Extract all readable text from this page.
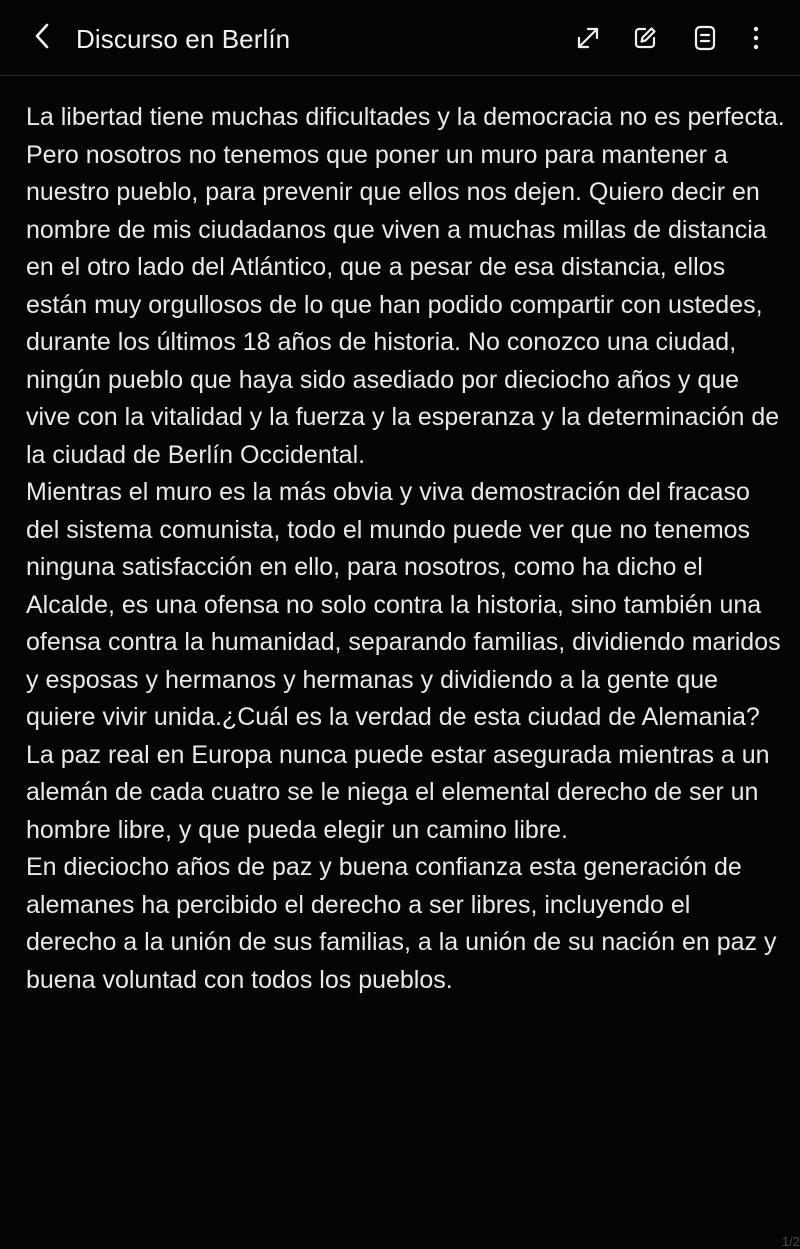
Discurso en Berlín

La libertad tiene muchas dificultades y la democracia no es perfecta. Pero nosotros no tenemos que poner un muro para mantener a nuestro pueblo, para prevenir que ellos nos dejen. Quiero decir en nombre de mis ciudadanos que viven a muchas millas de distancia en el otro lado del Atlántico, que a pesar de esa distancia, ellos están muy orgullosos de lo que han podido compartir con ustedes, durante los últimos 18 años de historia. No conozco una ciudad, ningún pueblo que haya sido asediado por dieciocho años y que vive con la vitalidad y la fuerza y la esperanza y la determinación de la ciudad de Berlín Occidental.

Mientras el muro es la más obvia y viva demostración del fracaso del sistema comunista, todo el mundo puede ver que no tenemos ninguna satisfacción en ello, para nosotros, como ha dicho el Alcalde, es una ofensa no solo contra la historia, sino también una ofensa contra la humanidad, separando familias, dividiendo maridos y esposas y hermanos y hermanas y dividiendo a la gente que quiere vivir unida.¿Cuál es la verdad de esta ciudad de Alemania?

La paz real en Europa nunca puede estar asegurada mientras a un alemán de cada cuatro se le niega el elemental derecho de ser un hombre libre, y que pueda elegir un camino libre.

En dieciocho años de paz y buena confianza esta generación de alemanes ha percibido el derecho a ser libres, incluyendo el derecho a la unión de sus familias, a la unión de su nación en paz y buena voluntad con todos los pueblos.

1/2
